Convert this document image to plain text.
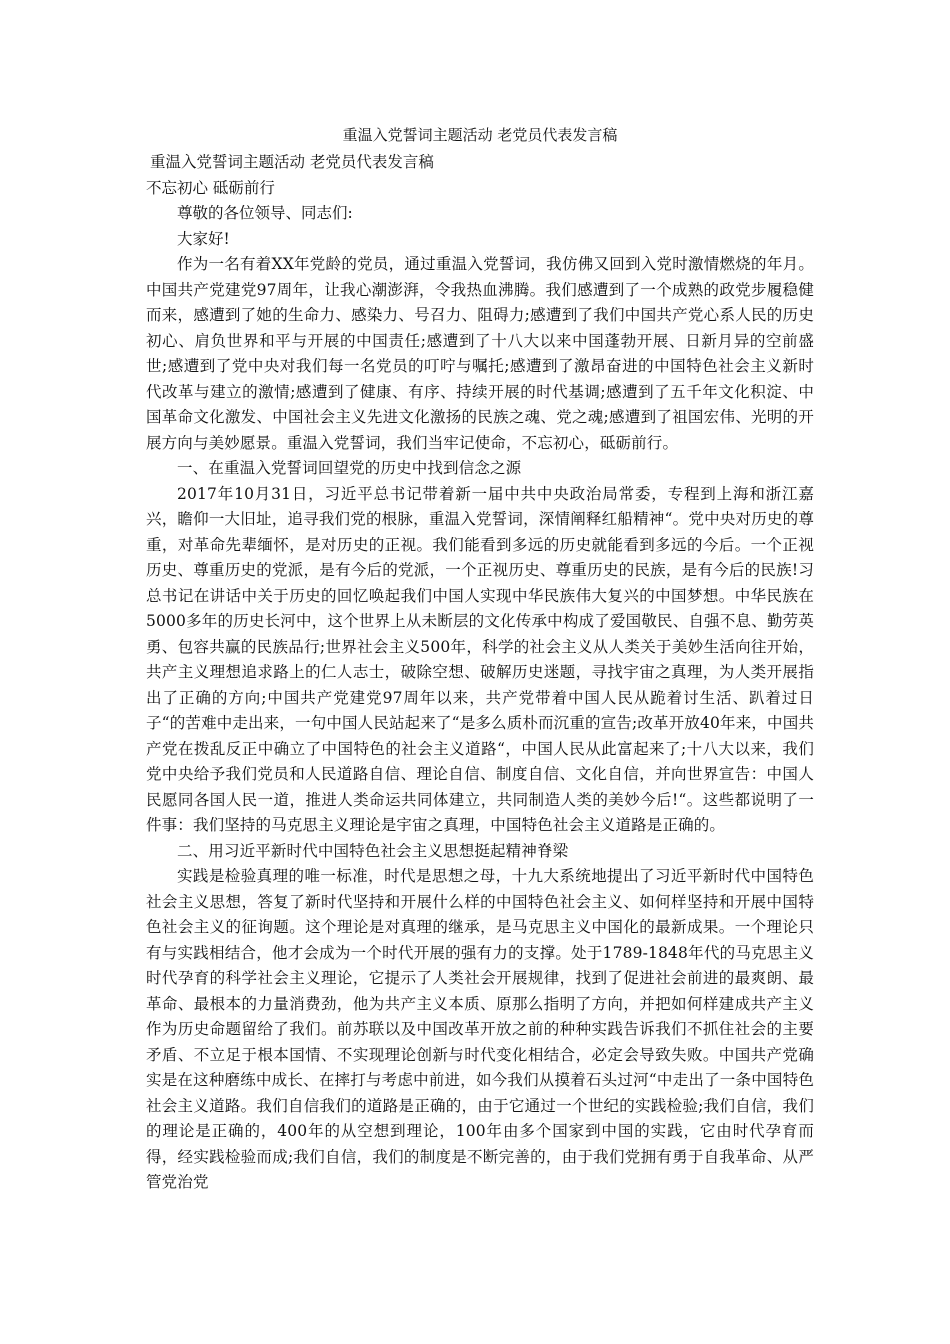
重温入党誓词主题活动 老党员代表发言稿

重温入党誓词主题活动 老党员代表发言稿

不忘初心 砥砺前行

尊敬的各位领导、同志们:

大家好!

作为一名有着XX年党龄的党员，通过重温入党誓词，我仿佛又回到入党时激情燃烧的年月。中国共产党建党97周年，让我心潮澎湃，令我热血沸腾。我们感遭到了一个成熟的政党步履稳健而来，感遭到了她的生命力、感染力、号召力、阻碍力;感遭到了我们中国共产党心系人民的历史初心、肩负世界和平与开展的中国责任;感遭到了十八大以来中国蓬勃开展、日新月异的空前盛世;感遭到了党中央对我们每一名党员的叮咛与嘱托;感遭到了激昂奋进的中国特色社会主义新时代改革与建立的激情;感遭到了健康、有序、持续开展的时代基调;感遭到了五千年文化积淀、中国革命文化激发、中国社会主义先进文化激扬的民族之魂、党之魂;感遭到了祖国宏伟、光明的开展方向与美妙愿景。重温入党誓词，我们当牢记使命，不忘初心，砥砺前行。

一、在重温入党誓词回望党的历史中找到信念之源

2017年10月31日，习近平总书记带着新一届中共中央政治局常委，专程到上海和浙江嘉兴，瞻仰一大旧址，追寻我们党的根脉，重温入党誓词，深情阐释红船精神“。党中央对历史的尊重，对革命先辈缅怀，是对历史的正视。我们能看到多远的历史就能看到多远的今后。一个正视历史、尊重历史的党派，是有今后的党派，一个正视历史、尊重历史的民族，是有今后的民族!习总书记在讲话中关于历史的回忆唤起我们中国人实现中华民族伟大复兴的中国梦想。中华民族在5000多年的历史长河中，这个世界上从未断层的文化传承中构成了爱国敬民、自强不息、勤劳英勇、包容共赢的民族品行;世界社会主义500年，科学的社会主义从人类关于美妙生活向往开始，共产主义理想追求路上的仁人志士，破除空想、破解历史迷题，寻找宇宙之真理，为人类开展指出了正确的方向;中国共产党建党97周年以来，共产党带着中国人民从跪着讨生活、趴着过日子“的苦难中走出来，一句中国人民站起来了“是多么质朴而沉重的宣告;改革开放40年来，中国共产党在拨乱反正中确立了中国特色的社会主义道路“，中国人民从此富起来了;十八大以来，我们党中央给予我们党员和人民道路自信、理论自信、制度自信、文化自信，并向世界宣告：中国人民愿同各国人民一道，推进人类命运共同体建立，共同制造人类的美妙今后!“。这些都说明了一件事：我们坚持的马克思主义理论是宇宙之真理，中国特色社会主义道路是正确的。

二、用习近平新时代中国特色社会主义思想挺起精神脊梁

实践是检验真理的唯一标准，时代是思想之母，十九大系统地提出了习近平新时代中国特色社会主义思想，答复了新时代坚持和开展什么样的中国特色社会主义、如何样坚持和开展中国特色社会主义的征询题。这个理论是对真理的继承，是马克思主义中国化的最新成果。一个理论只有与实践相结合，他才会成为一个时代开展的强有力的支撑。处于1789-1848年代的马克思主义时代孕育的科学社会主义理论，它提示了人类社会开展规律，找到了促进社会前进的最爽朗、最革命、最根本的力量消费劲，他为共产主义本质、原那么指明了方向，并把如何样建成共产主义作为历史命题留给了我们。前苏联以及中国改革开放之前的种种实践告诉我们不抓住社会的主要矛盾、不立足于根本国情、不实现理论创新与时代变化相结合，必定会导致失败。中国共产党确实是在这种磨练中成长、在摔打与考虑中前进，如今我们从摸着石头过河“中走出了一条中国特色社会主义道路。我们自信我们的道路是正确的，由于它通过一个世纪的实践检验;我们自信，我们的理论是正确的，400年的从空想到理论，100年由多个国家到中国的实践，它由时代孕育而得，经实践检验而成;我们自信，我们的制度是不断完善的，由于我们党拥有勇于自我革命、从严管党治党
